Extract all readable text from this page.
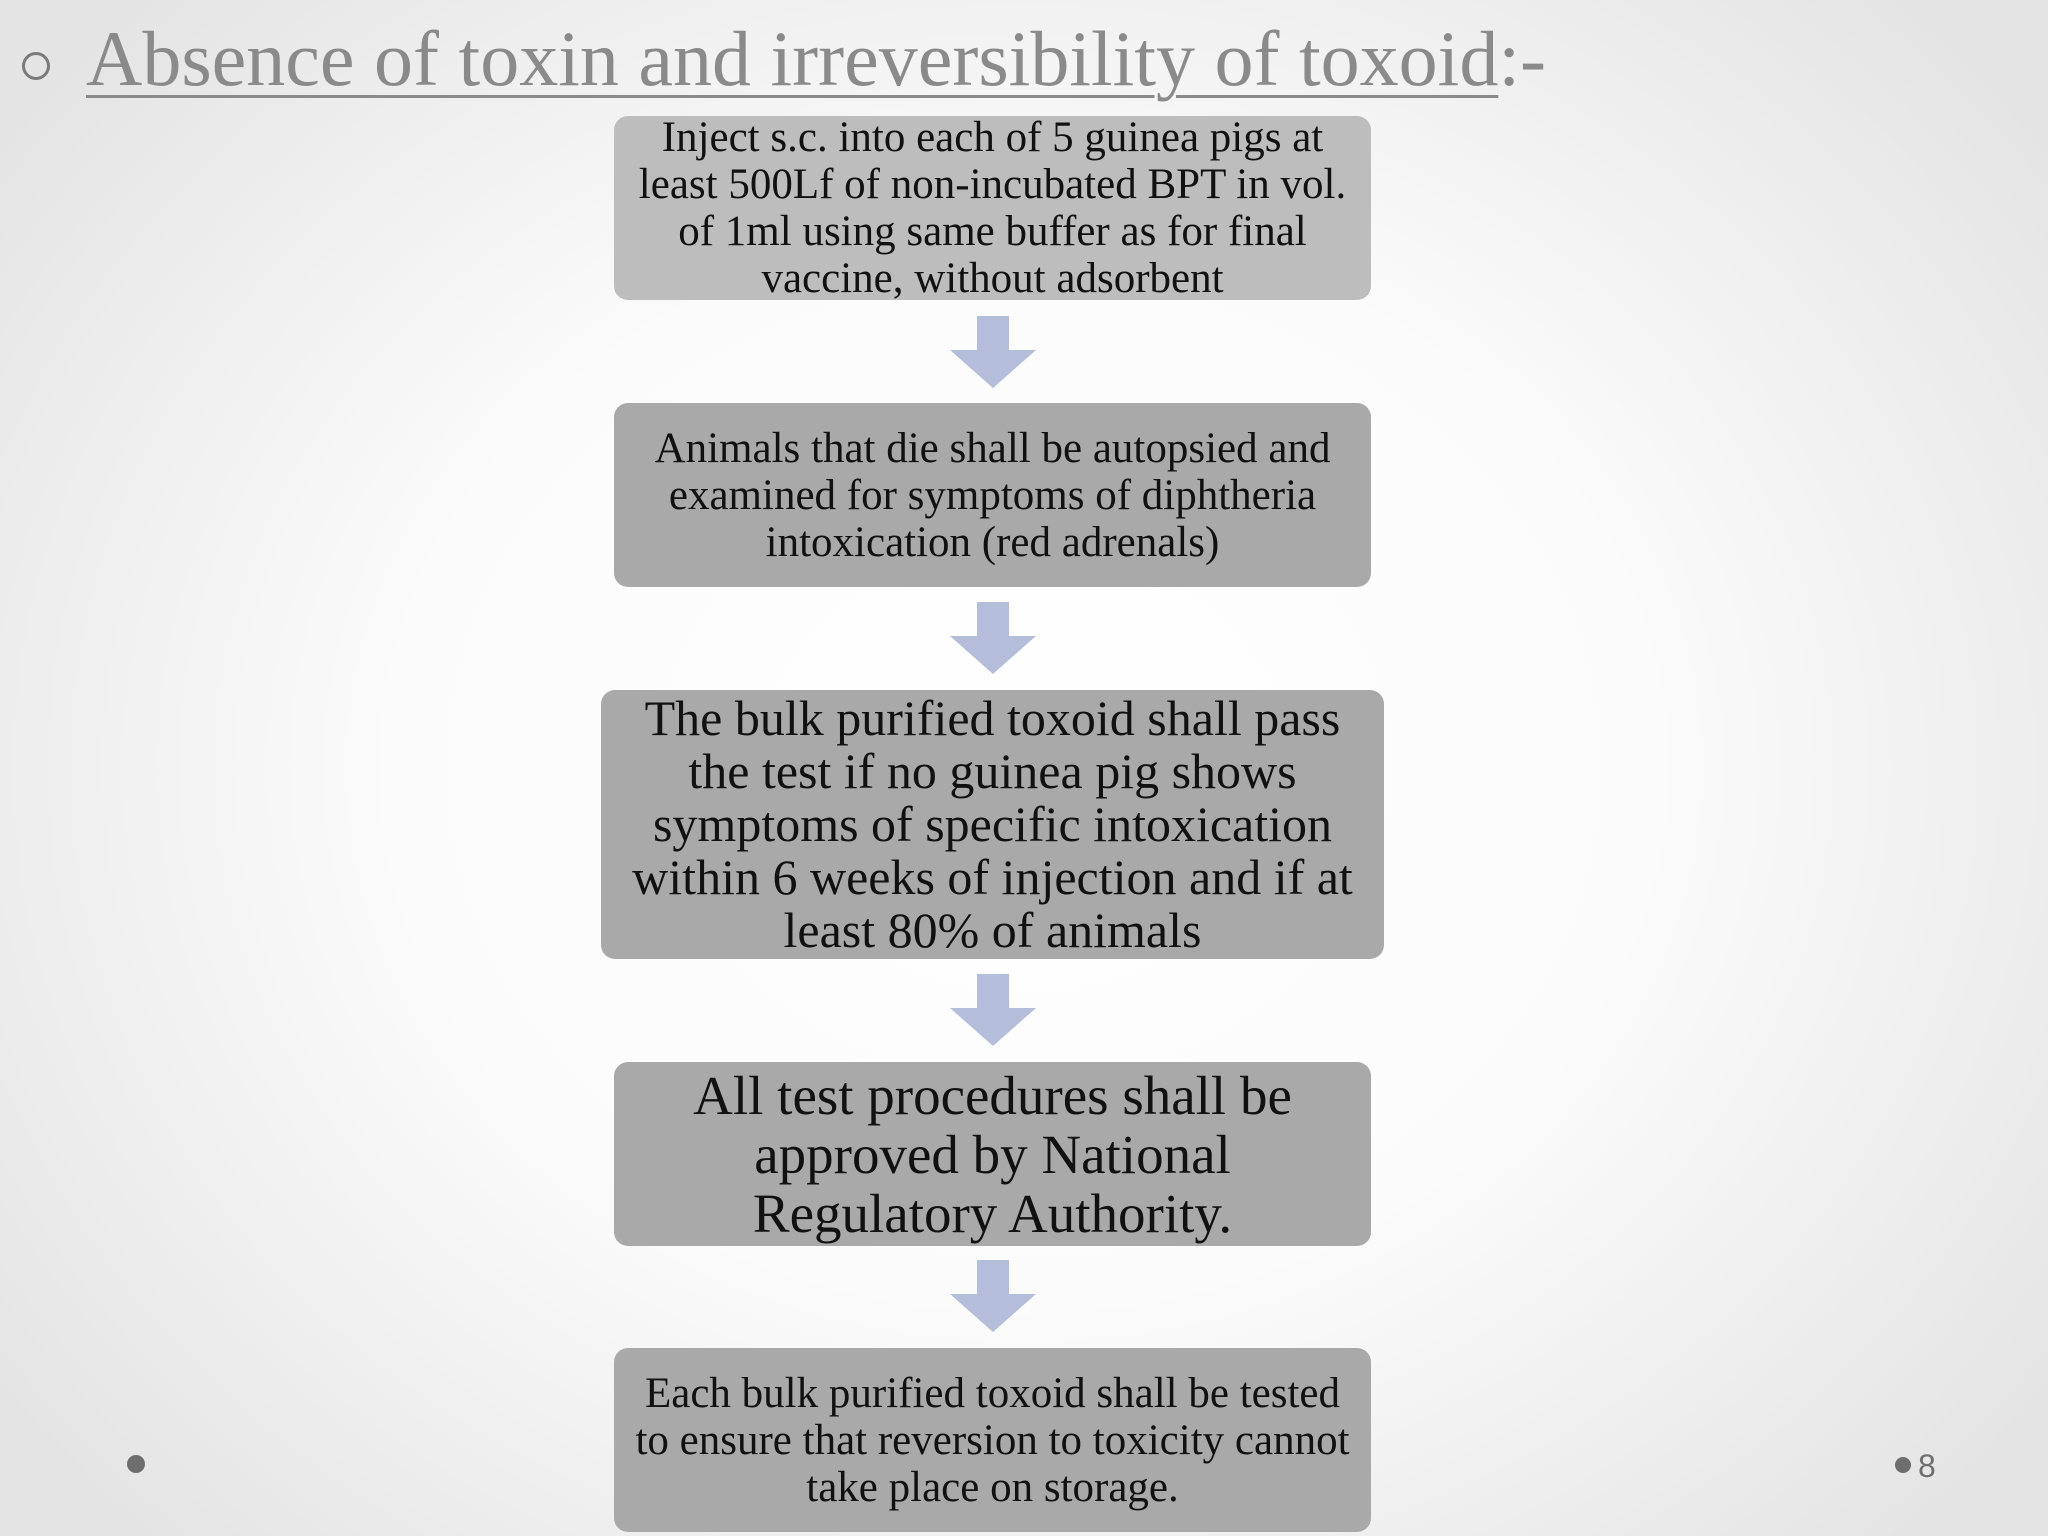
Absence of toxin and irreversibility of toxoid:-
Inject s.c. into each of 5 guinea pigs at least 500Lf of non-incubated BPT in vol. of 1ml using same buffer as for final vaccine, without adsorbent
Animals that die shall be autopsied and examined for symptoms of diphtheria intoxication (red adrenals)
The bulk purified toxoid shall pass the test if no guinea pig shows symptoms of specific intoxication within 6 weeks of injection and if at least 80% of animals
All test procedures shall be approved by National Regulatory Authority.
Each bulk purified toxoid shall be tested to ensure that reversion to toxicity cannot take place on storage.	8
